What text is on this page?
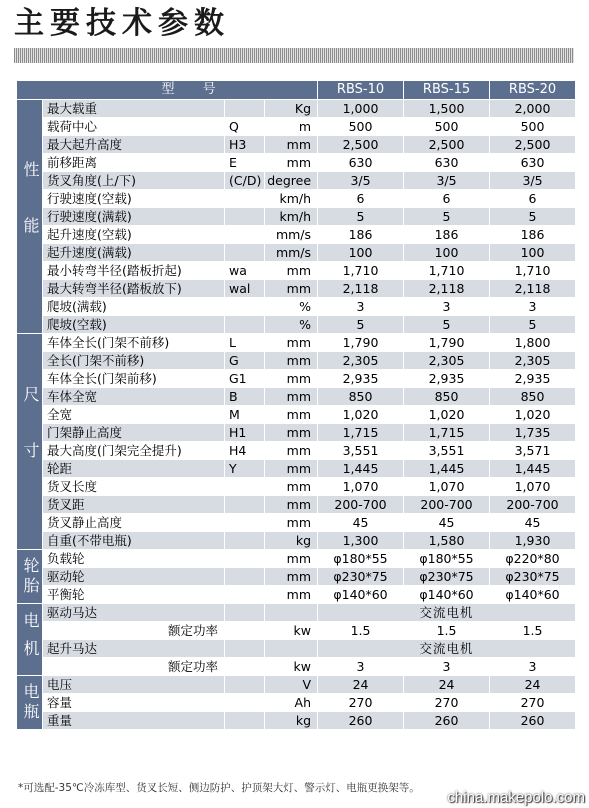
主要技术参数
型 号				RBS-10	RBS-15	RBS-20

性能	最大载重		Kg	1,000	1,500	2,000
	载荷中心	Q	m	500	500	500
	最大起升高度	H3	mm	2,500	2,500	2,500
	前移距离	E	mm	630	630	630
	货叉角度(上/下)	(C/D)	degree	3/5	3/5	3/5
	行驶速度(空载)		km/h	6	6	6
	行驶速度(满载)		km/h	5	5	5
	起升速度(空载)		mm/s	186	186	186
	起升速度(满载)		mm/s	100	100	100
	最小转弯半径(踏板折起)	wa	mm	1,710	1,710	1,710
	最大转弯半径(踏板放下)	wal	mm	2,118	2,118	2,118
	爬坡(满载)		%	3	3	3
	爬坡(空载)		%	5	5	5

尺寸	车体全长(门架不前移)	L	mm	1,790	1,790	1,800
	全长(门架不前移)	G	mm	2,305	2,305	2,305
	车体全长(门架前移)	G1	mm	2,935	2,935	2,935
	车体全宽	B	mm	850	850	850
	全宽	M	mm	1,020	1,020	1,020
	门架静止高度	H1	mm	1,715	1,715	1,735
	最大高度(门架完全提升)	H4	mm	3,551	3,551	3,571
	轮距	Y	mm	1,445	1,445	1,445
	货叉长度		mm	1,070	1,070	1,070
	货叉距		mm	200-700	200-700	200-700
	货叉静止高度		mm	45	45	45
	自重(不带电瓶)		kg	1,300	1,580	1,930

轮胎	负载轮		mm	φ180*55	φ180*55	φ220*80
	驱动轮		mm	φ230*75	φ230*75	φ230*75
	平衡轮		mm	φ140*60	φ140*60	φ140*60

电机	驱动马达			交流电机		
	额定功率		kw	1.5	1.5	1.5
	起升马达			交流电机		
	额定功率		kw	3	3	3

电瓶	电压		V	24	24	24
	容量		Ah	270	270	270
	重量		kg	260	260	260
*可选配-35℃冷冻库型、货叉长短、侧边防护、护顶架大灯、警示灯、电瓶更换架等。
china.makepolo.com
